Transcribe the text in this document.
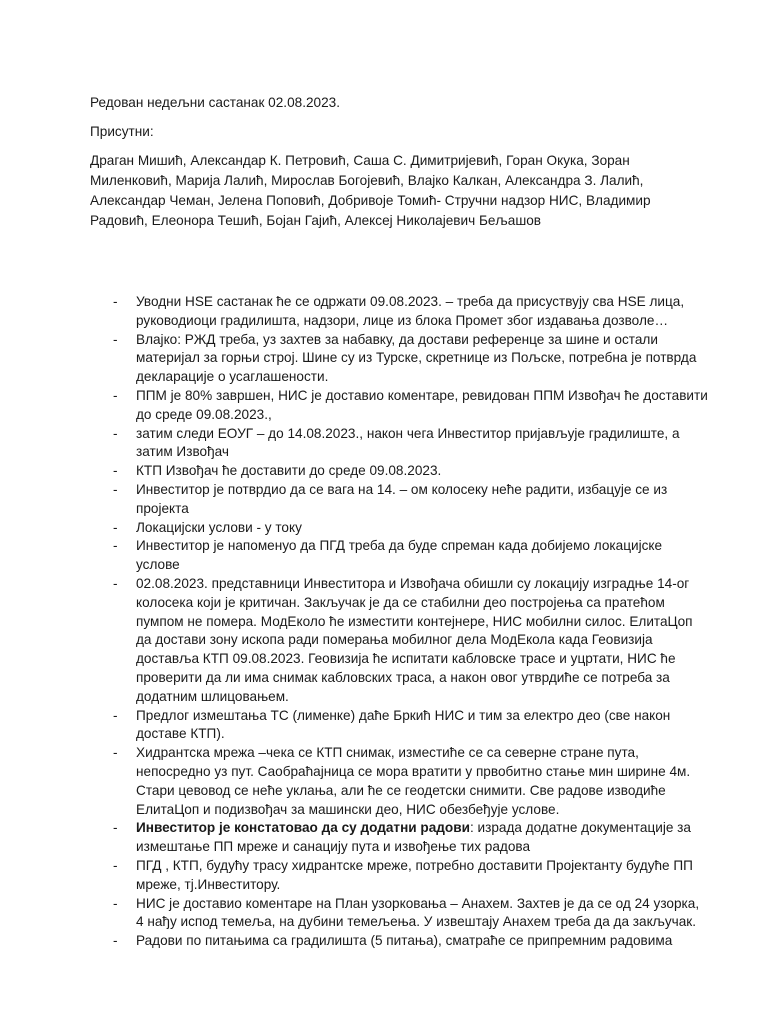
Редован недељни састанак 02.08.2023.

Присутни:

Драган Мишић, Александар К. Петровић, Саша С. Димитријевић, Горан Окука, Зоран Миленковић, Марија Лалић, Мирослав Богојевић, Влајко Калкан, Александра З. Лалић, Александар Чеман, Јелена Поповић, Добривоје Томић- Стручни надзор НИС, Владимир Радовић, Елеонора Тешић, Бојан Гајић, Алексеј Николајевич Бељашов

- Уводни HSE састанак ће се одржати 09.08.2023. – треба да присуствују сва HSE лица, руководиоци градилишта, надзори, лице из блока Промет због издавања дозволе…
- Влајко: РЖД треба, уз захтев за набавку, да достави референце за шине и остали материјал за горњи строј. Шине су из Турске, скретнице из Пољске, потребна је потврда декларације о усаглашености.
- ППМ је 80% завршен, НИС је доставио коментаре, ревидован ППМ Извођач ће доставити до среде 09.08.2023.,
- затим следи ЕОУГ – до 14.08.2023., након чега Инвеститор пријављује градилиште, а затим Извођач
- КТП Извођач ће доставити до среде 09.08.2023.
- Инвеститор је потврдио да се вага на 14. – ом колосеку неће радити, избацује се из пројекта
- Локацијски услови - у току
- Инвеститор је напоменуо да ПГД треба да буде спреман када добијемо локацијске услове
- 02.08.2023. представници Инвеститора и Извођача обишли су локацију изградње 14-ог колосека који је критичан. Закључак је да се стабилни део постројења са пратећом пумпом не помера. МодЕколо ће изместити контејнере, НИС мобилни силос. ЕлитаЦоп да достави зону ископа ради померања мобилног дела МодЕкола када Геовизија доставља КТП 09.08.2023. Геовизија ће испитати кабловске трасе и уцртати, НИС ће проверити да ли има снимак кабловских траса, а након овог утврдиће се потреба за додатним шлицовањем.
- Предлог измештања ТС (лименке) даће Бркић НИС и тим за електро део (све након доставе КТП).
- Хидрантска мрежа –чека се КТП снимак, изместиће се са северне стране пута, непосредно уз пут. Саобраћајница се мора вратити у првобитно стање мин ширине 4м. Стари цевовод се неће уклања, али ће се геодетски снимити. Све радове изводиће ЕлитаЦоп и подизвођач за машински део, НИС обезбеђује услове.
- Инвеститор је констатовао да су додатни радови: израда додатне документације за измештање ПП мреже и санацију пута и извођење тих радова
- ПГД , КТП, будућу трасу хидрантске мреже, потребно доставити Пројектанту будуће ПП мреже, тј.Инвеститору.
- НИС је доставио коментаре на План узорковања – Анахем. Захтев је да се од 24 узорка, 4 нађу испод темеља, на дубини темељења. У извештају Анахем треба да да закључак.
- Радови по питањима са градилишта (5 питања), сматраће се припремним радовима
